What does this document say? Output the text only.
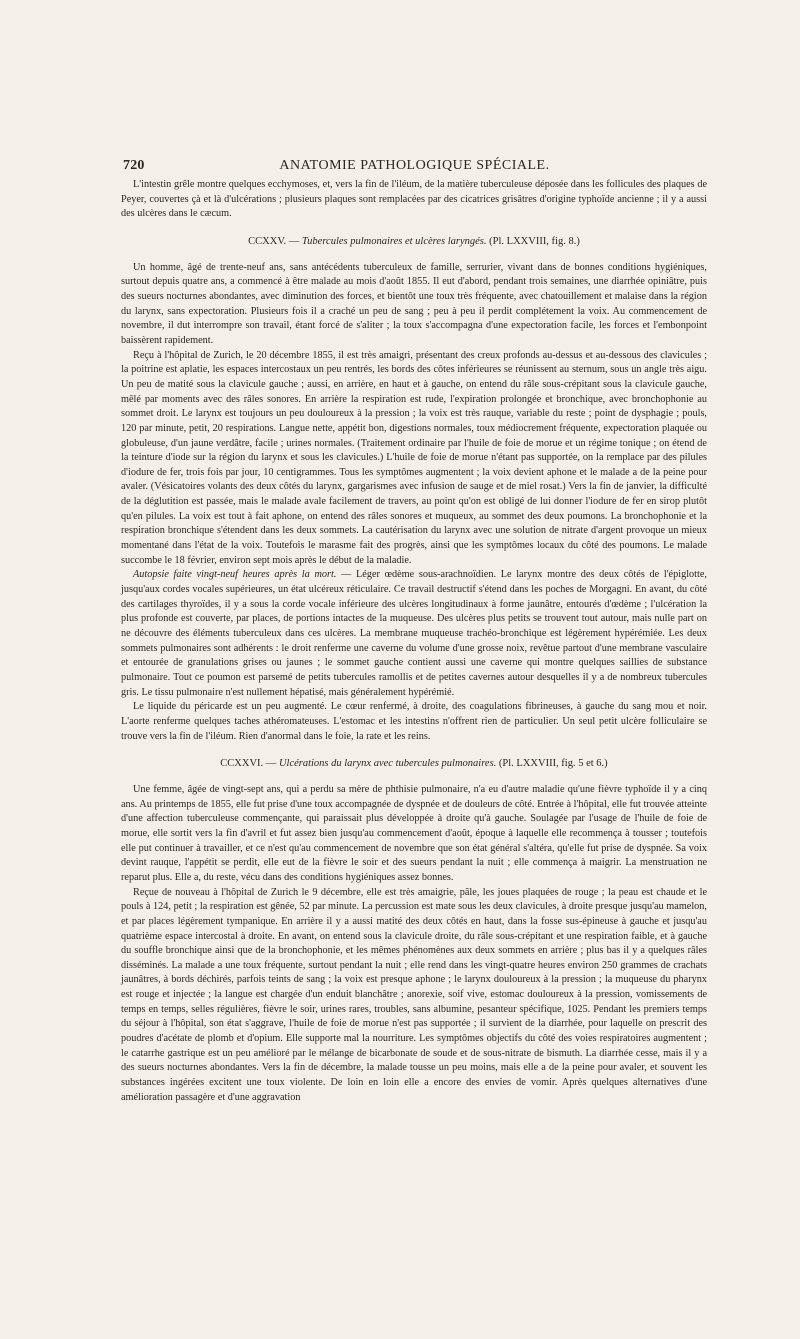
720	ANATOMIE PATHOLOGIQUE SPÉCIALE.

L'intestin grêle montre quelques ecchymoses, et, vers la fin de l'iléum, de la matière tuberculeuse déposée dans les follicules des plaques de Peyer, couvertes çà et là d'ulcérations ; plusieurs plaques sont remplacées par des cicatrices grisâtres d'origine typhoïde ancienne ; il y a aussi des ulcères dans le cæcum.

CCXXV. — Tubercules pulmonaires et ulcères laryngés. (Pl. LXXVIII, fig. 8.)

Un homme, âgé de trente-neuf ans, sans antécédents tuberculeux de famille, serrurier, vivant dans de bonnes conditions hygiéniques, surtout depuis quatre ans, a commencé à être malade au mois d'août 1855. Il eut d'abord, pendant trois semaines, une diarrhée opiniâtre, puis des sueurs nocturnes abondantes, avec diminution des forces, et bientôt une toux très fréquente, avec chatouillement et malaise dans la région du larynx, sans expectoration. Plusieurs fois il a craché un peu de sang ; peu à peu il perdit complétement la voix. Au commencement de novembre, il dut interrompre son travail, étant forcé de s'aliter ; la toux s'accompagna d'une expectoration facile, les forces et l'embonpoint baissèrent rapidement.

Reçu à l'hôpital de Zurich, le 20 décembre 1855, il est très amaigri, présentant des creux profonds au-dessus et au-dessous des clavicules ; la poitrine est aplatie, les espaces intercostaux un peu rentrés, les bords des côtes inférieures se réunissent au sternum, sous un angle très aigu. Un peu de matité sous la clavicule gauche ; aussi, en arrière, en haut et à gauche, on entend du râle sous-crépitant sous la clavicule gauche, mêlé par moments avec des râles sonores. En arrière la respiration est rude, l'expiration prolongée et bronchique, avec bronchophonie au sommet droit. Le larynx est toujours un peu douloureux à la pression ; la voix est très rauque, variable du reste ; point de dysphagie ; pouls, 120 par minute, petit, 20 respirations. Langue nette, appétit bon, digestions normales, toux médiocrement fréquente, expectoration plaquée ou globuleuse, d'un jaune verdâtre, facile ; urines normales. (Traitement ordinaire par l'huile de foie de morue et un régime tonique ; on étend de la teinture d'iode sur la région du larynx et sous les clavicules.) L'huile de foie de morue n'étant pas supportée, on la remplace par des pilules d'iodure de fer, trois fois par jour, 10 centigrammes. Tous les symptômes augmentent ; la voix devient aphone et le malade a de la peine pour avaler. (Vésicatoires volants des deux côtés du larynx, gargarismes avec infusion de sauge et de miel rosat.) Vers la fin de janvier, la difficulté de la déglutition est passée, mais le malade avale facilement de travers, au point qu'on est obligé de lui donner l'iodure de fer en sirop plutôt qu'en pilules. La voix est tout à fait aphone, on entend des râles sonores et muqueux, au sommet des deux poumons. La bronchophonie et la respiration bronchique s'étendent dans les deux sommets. La cautérisation du larynx avec une solution de nitrate d'argent provoque un mieux momentané dans l'état de la voix. Toutefois le marasme fait des progrès, ainsi que les symptômes locaux du côté des poumons. Le malade succombe le 18 février, environ sept mois après le début de la maladie.

Autopsie faite vingt-neuf heures après la mort. — Léger œdème sous-arachnoïdien. Le larynx montre des deux côtés de l'épiglotte, jusqu'aux cordes vocales supérieures, un état ulcéreux réticulaire. Ce travail destructif s'étend dans les poches de Morgagni. En avant, du côté des cartilages thyroïdes, il y a sous la corde vocale inférieure des ulcères longitudinaux à forme jaunâtre, entourés d'œdème ; l'ulcération la plus profonde est couverte, par places, de portions intactes de la muqueuse. Des ulcères plus petits se trouvent tout autour, mais nulle part on ne découvre des éléments tuberculeux dans ces ulcères. La membrane muqueuse trachéo-bronchique est légèrement hypérémiée. Les deux sommets pulmonaires sont adhérents : le droit renferme une caverne du volume d'une grosse noix, revêtue partout d'une membrane vasculaire et entourée de granulations grises ou jaunes ; le sommet gauche contient aussi une caverne qui montre quelques saillies de substance pulmonaire. Tout ce poumon est parsemé de petits tubercules ramollis et de petites cavernes autour desquelles il y a de nombreux tubercules gris. Le tissu pulmonaire n'est nullement hépatisé, mais généralement hypérémié.

Le liquide du péricarde est un peu augmenté. Le cœur renfermé, à droite, des coagulations fibrineuses, à gauche du sang mou et noir. L'aorte renferme quelques taches athéromateuses. L'estomac et les intestins n'offrent rien de particulier. Un seul petit ulcère folliculaire se trouve vers la fin de l'iléum. Rien d'anormal dans le foie, la rate et les reins.

CCXXVI. — Ulcérations du larynx avec tubercules pulmonaires. (Pl. LXXVIII, fig. 5 et 6.)

Une femme, âgée de vingt-sept ans, qui a perdu sa mère de phthisie pulmonaire, n'a eu d'autre maladie qu'une fièvre typhoïde il y a cinq ans. Au printemps de 1855, elle fut prise d'une toux accompagnée de dyspnée et de douleurs de côté. Entrée à l'hôpital, elle fut trouvée atteinte d'une affection tuberculeuse commençante, qui paraissait plus développée à droite qu'à gauche. Soulagée par l'usage de l'huile de foie de morue, elle sortit vers la fin d'avril et fut assez bien jusqu'au commencement d'août, époque à laquelle elle recommença à tousser ; toutefois elle put continuer à travailler, et ce n'est qu'au commencement de novembre que son état général s'altéra, qu'elle fut prise de dyspnée. Sa voix devint rauque, l'appétit se perdit, elle eut de la fièvre le soir et des sueurs pendant la nuit ; elle commença à maigrir. La menstruation ne reparut plus. Elle a, du reste, vécu dans des conditions hygiéniques assez bonnes.

Reçue de nouveau à l'hôpital de Zurich le 9 décembre, elle est très amaigrie, pâle, les joues plaquées de rouge ; la peau est chaude et le pouls à 124, petit ; la respiration est gênée, 52 par minute. La percussion est mate sous les deux clavicules, à droite presque jusqu'au mamelon, et par places légèrement tympanique. En arrière il y a aussi matité des deux côtés en haut, dans la fosse sus-épineuse à gauche et jusqu'au quatrième espace intercostal à droite. En avant, on entend sous la clavicule droite, du râle sous-crépitant et une respiration faible, et à gauche du souffle bronchique ainsi que de la bronchophonie, et les mêmes phénomènes aux deux sommets en arrière ; plus bas il y a quelques râles disséminés. La malade a une toux fréquente, surtout pendant la nuit ; elle rend dans les vingt-quatre heures environ 250 grammes de crachats jaunâtres, à bords déchirés, parfois teints de sang ; la voix est presque aphone ; le larynx douloureux à la pression ; la muqueuse du pharynx est rouge et injectée ; la langue est chargée d'un enduit blanchâtre ; anorexie, soif vive, estomac douloureux à la pression, vomissements de temps en temps, selles régulières, fièvre le soir, urines rares, troubles, sans albumine, pesanteur spécifique, 1025. Pendant les premiers temps du séjour à l'hôpital, son état s'aggrave, l'huile de foie de morue n'est pas supportée ; il survient de la diarrhée, pour laquelle on prescrit des poudres d'acétate de plomb et d'opium. Elle supporte mal la nourriture. Les symptômes objectifs du côté des voies respiratoires augmentent ; le catarrhe gastrique est un peu amélioré par le mélange de bicarbonate de soude et de sous-nitrate de bismuth. La diarrhée cesse, mais il y a des sueurs nocturnes abondantes. Vers la fin de décembre, la malade tousse un peu moins, mais elle a de la peine pour avaler, et souvent les substances ingérées excitent une toux violente. De loin en loin elle a encore des envies de vomir. Après quelques alternatives d'une amélioration passagère et d'une aggravation
